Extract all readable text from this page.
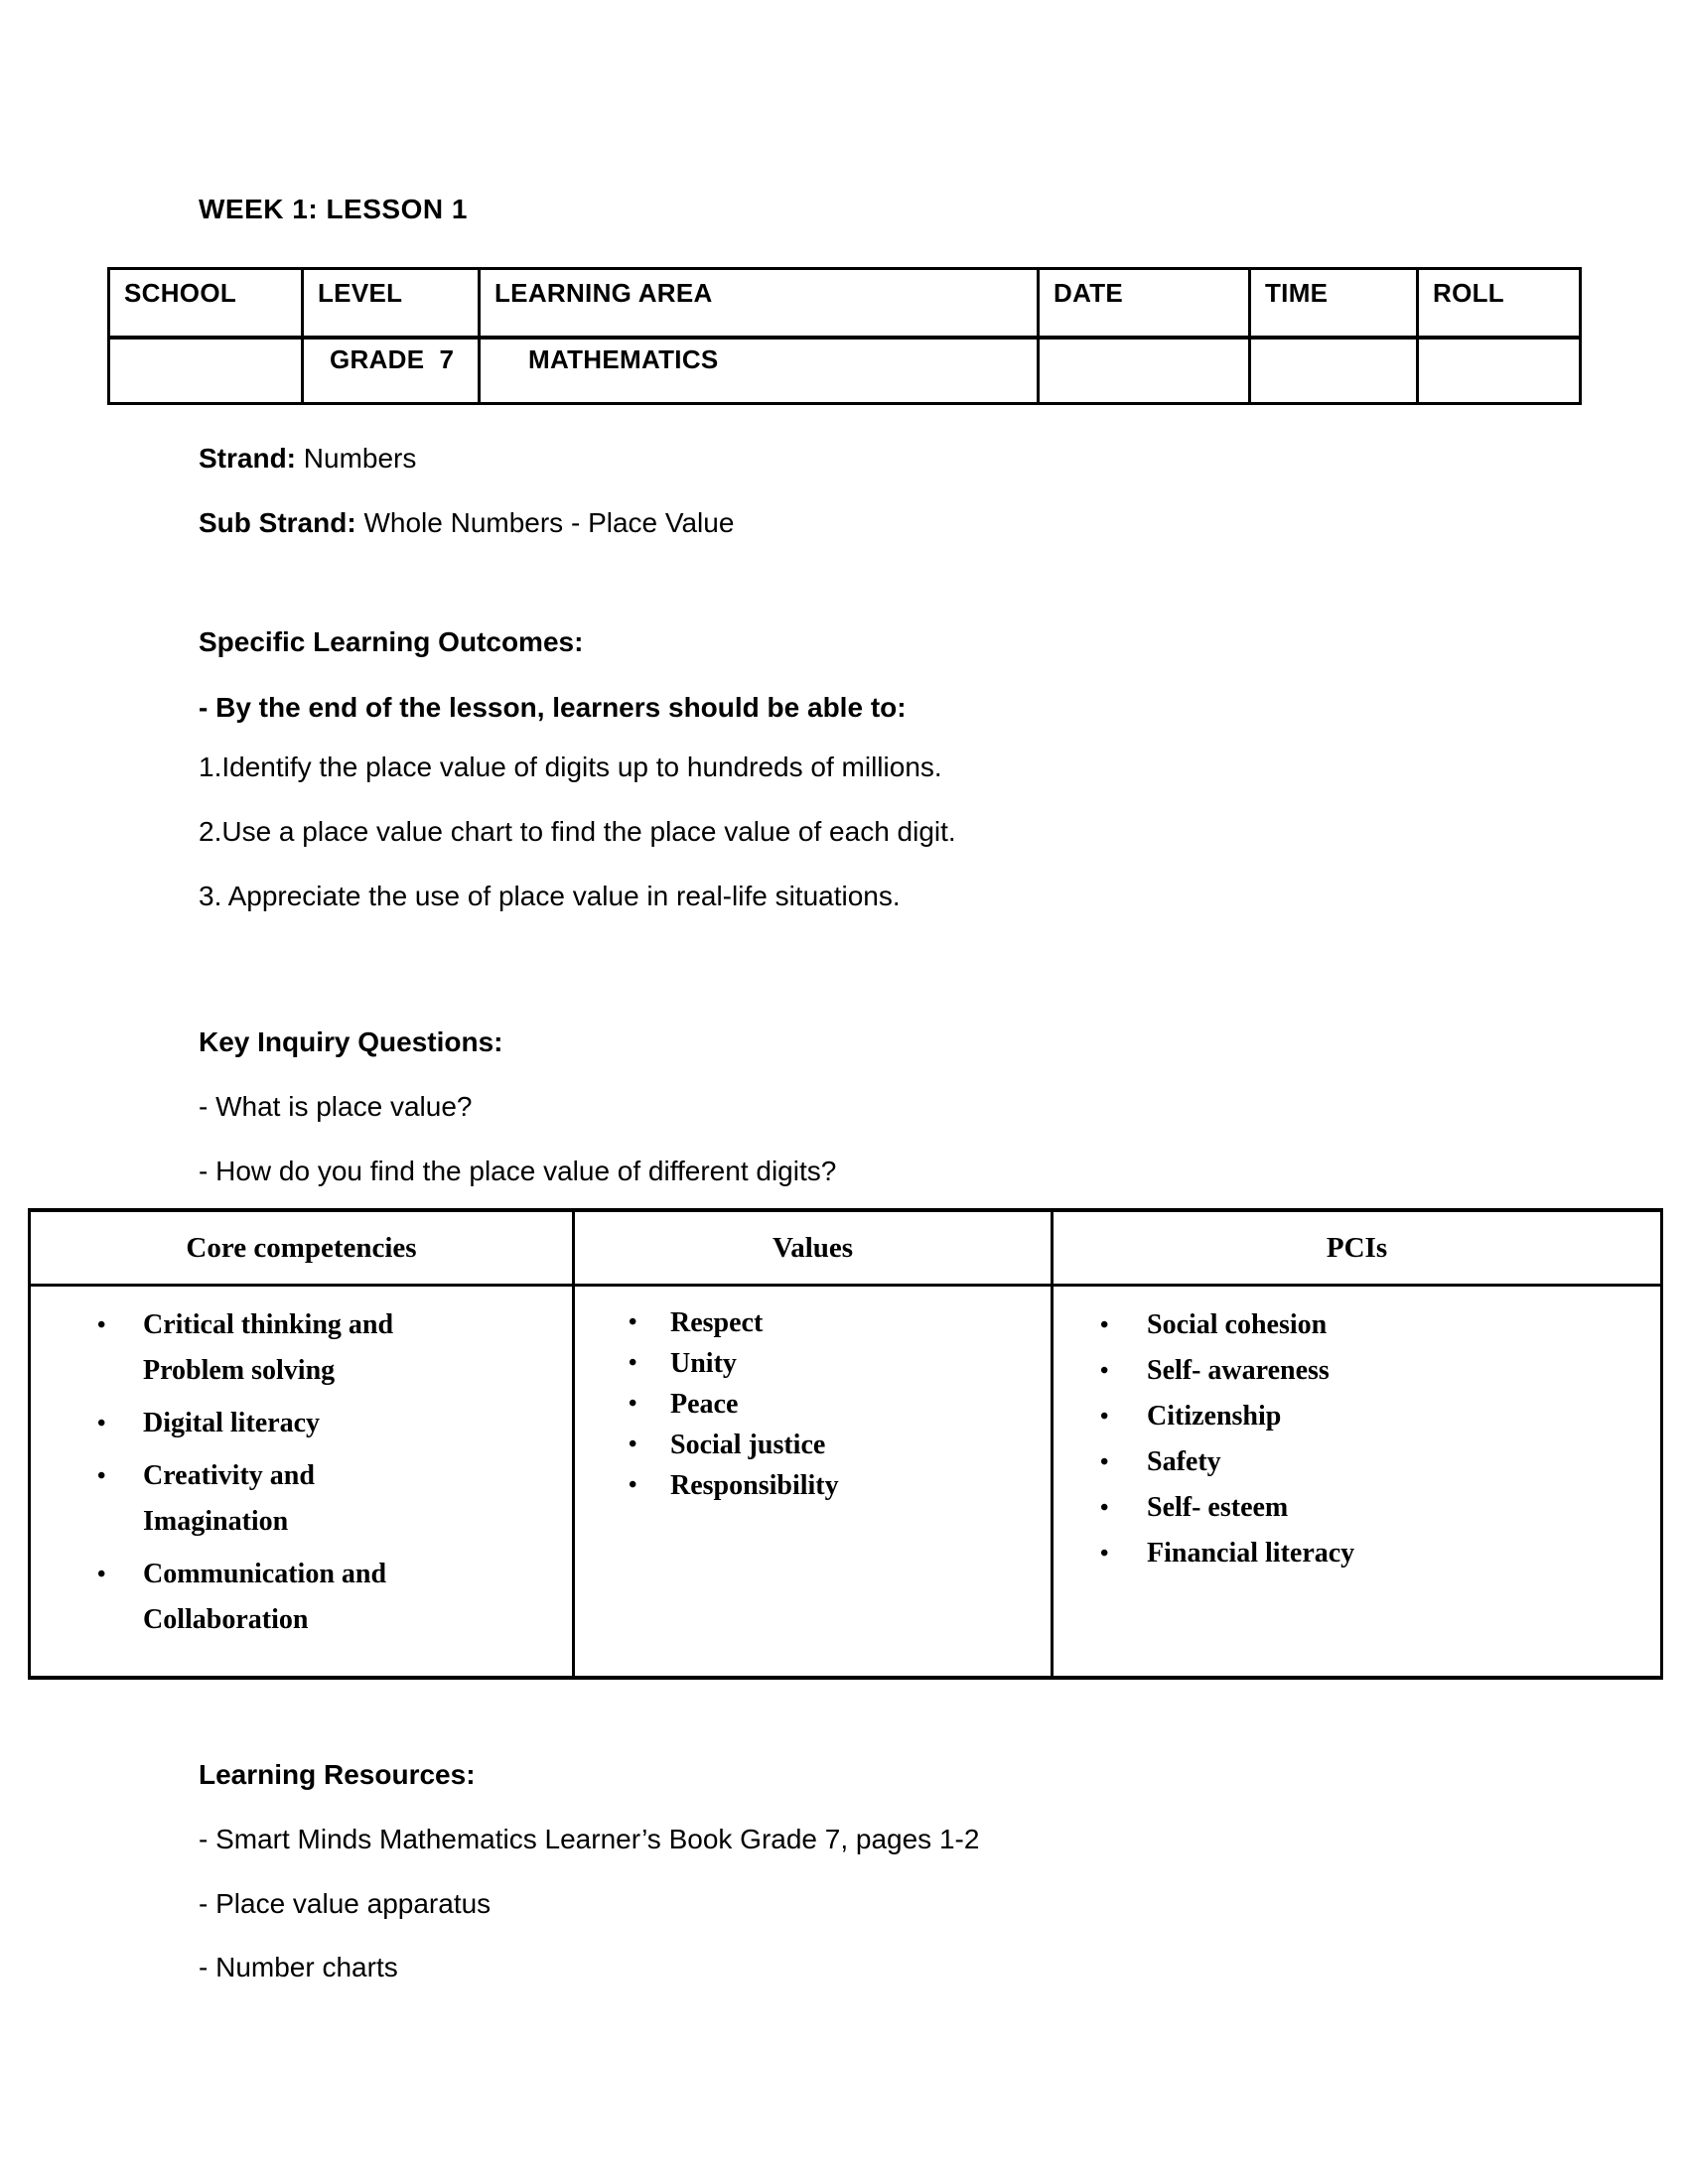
WEEK 1: LESSON 1

SCHOOL	LEVEL	LEARNING AREA	DATE	TIME	ROLL
	GRADE  7	MATHEMATICS			

Strand: Numbers

Sub Strand: Whole Numbers - Place Value

Specific Learning Outcomes:

- By the end of the lesson, learners should be able to:

1.Identify the place value of digits up to hundreds of millions.

2.Use a place value chart to find the place value of each digit.

3. Appreciate the use of place value in real-life situations.

Key Inquiry Questions:

- What is place value?

- How do you find the place value of different digits?

Core competencies	Values	PCIs

• Critical thinking and Problem solving
• Digital literacy
• Creativity and Imagination
• Communication and Collaboration

• Respect
• Unity
• Peace
• Social justice
• Responsibility

• Social cohesion
• Self- awareness
• Citizenship
• Safety
• Self- esteem
• Financial literacy

Learning Resources:

- Smart Minds Mathematics Learner’s Book Grade 7, pages 1-2

- Place value apparatus

- Number charts
